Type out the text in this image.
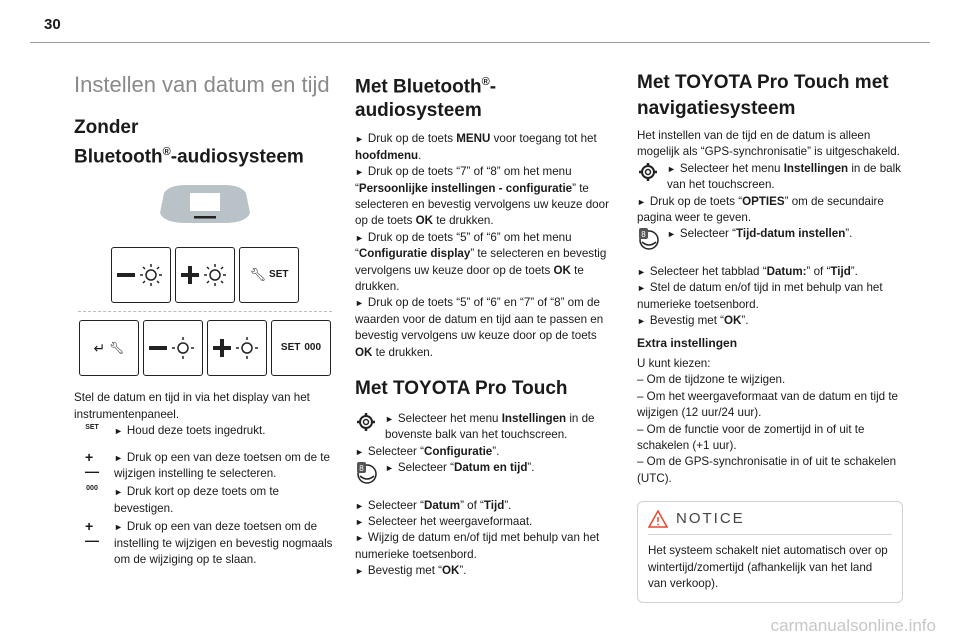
30
Instellen van datum en tijd
Zonder
Bluetooth®-audiosysteem
🔧︎ SET
↵ 🔧︎	SET 000

Stel de datum en tijd in via het display van het instrumentenpaneel.

SET ► Houd deze toets ingedrukt.

+
—

► Druk op een van deze toetsen om de te wijzigen instelling te selecteren.

000 ► Druk kort op deze toets om te bevestigen.

+
—

► Druk op een van deze toetsen om de instelling te wijzigen en bevestig nogmaals om de wijziging op te slaan.

Met Bluetooth®-audiosysteem

► Druk op de toets MENU voor toegang tot het hoofdmenu.

► Druk op de toets “7” of “8” om het menu “Persoonlijke instellingen - configuratie” te selecteren en bevestig vervolgens uw keuze door op de toets OK te drukken.

► Druk op de toets “5” of “6” om het menu “Configuratie display” te selecteren en bevestig vervolgens uw keuze door op de toets OK te drukken.

► Druk op de toets “5” of “6” en “7” of “8” om de waarden voor de datum en tijd aan te passen en bevestig vervolgens uw keuze door op de toets OK te drukken.

Met TOYOTA Pro Touch

► Selecteer het menu Instellingen in de bovenste balk van het touchscreen.

► Selecteer “Configuratie”.

8 ► Selecteer “Datum en tijd”.

► Selecteer “Datum” of “Tijd”.

► Selecteer het weergaveformaat.

► Wijzig de datum en/of tijd met behulp van het numerieke toetsenbord.

► Bevestig met “OK”.

Met TOYOTA Pro Touch met
navigatiesysteem

Het instellen van de tijd en de datum is alleen mogelijk als “GPS-synchronisatie” is uitgeschakeld.

► Selecteer het menu Instellingen in de balk van het touchscreen.

► Druk op de toets “OPTIES” om de secundaire pagina weer te geven.

8 ► Selecteer “Tijd-datum instellen”.

► Selecteer het tabblad “Datum:” of “Tijd”.

► Stel de datum en/of tijd in met behulp van het numerieke toetsenbord.

► Bevestig met “OK”.

Extra instellingen

U kunt kiezen:

– Om de tijdzone te wijzigen.

– Om het weergaveformaat van de datum en tijd te wijzigen (12 uur/24 uur).

– Om de functie voor de zomertijd in of uit te schakelen (+1 uur).

– Om de GPS-synchronisatie in of uit te schakelen (UTC).

NOTICE

Het systeem schakelt niet automatisch over op wintertijd/zomertijd (afhankelijk van het land van verkoop).

carmanualsonline.info
